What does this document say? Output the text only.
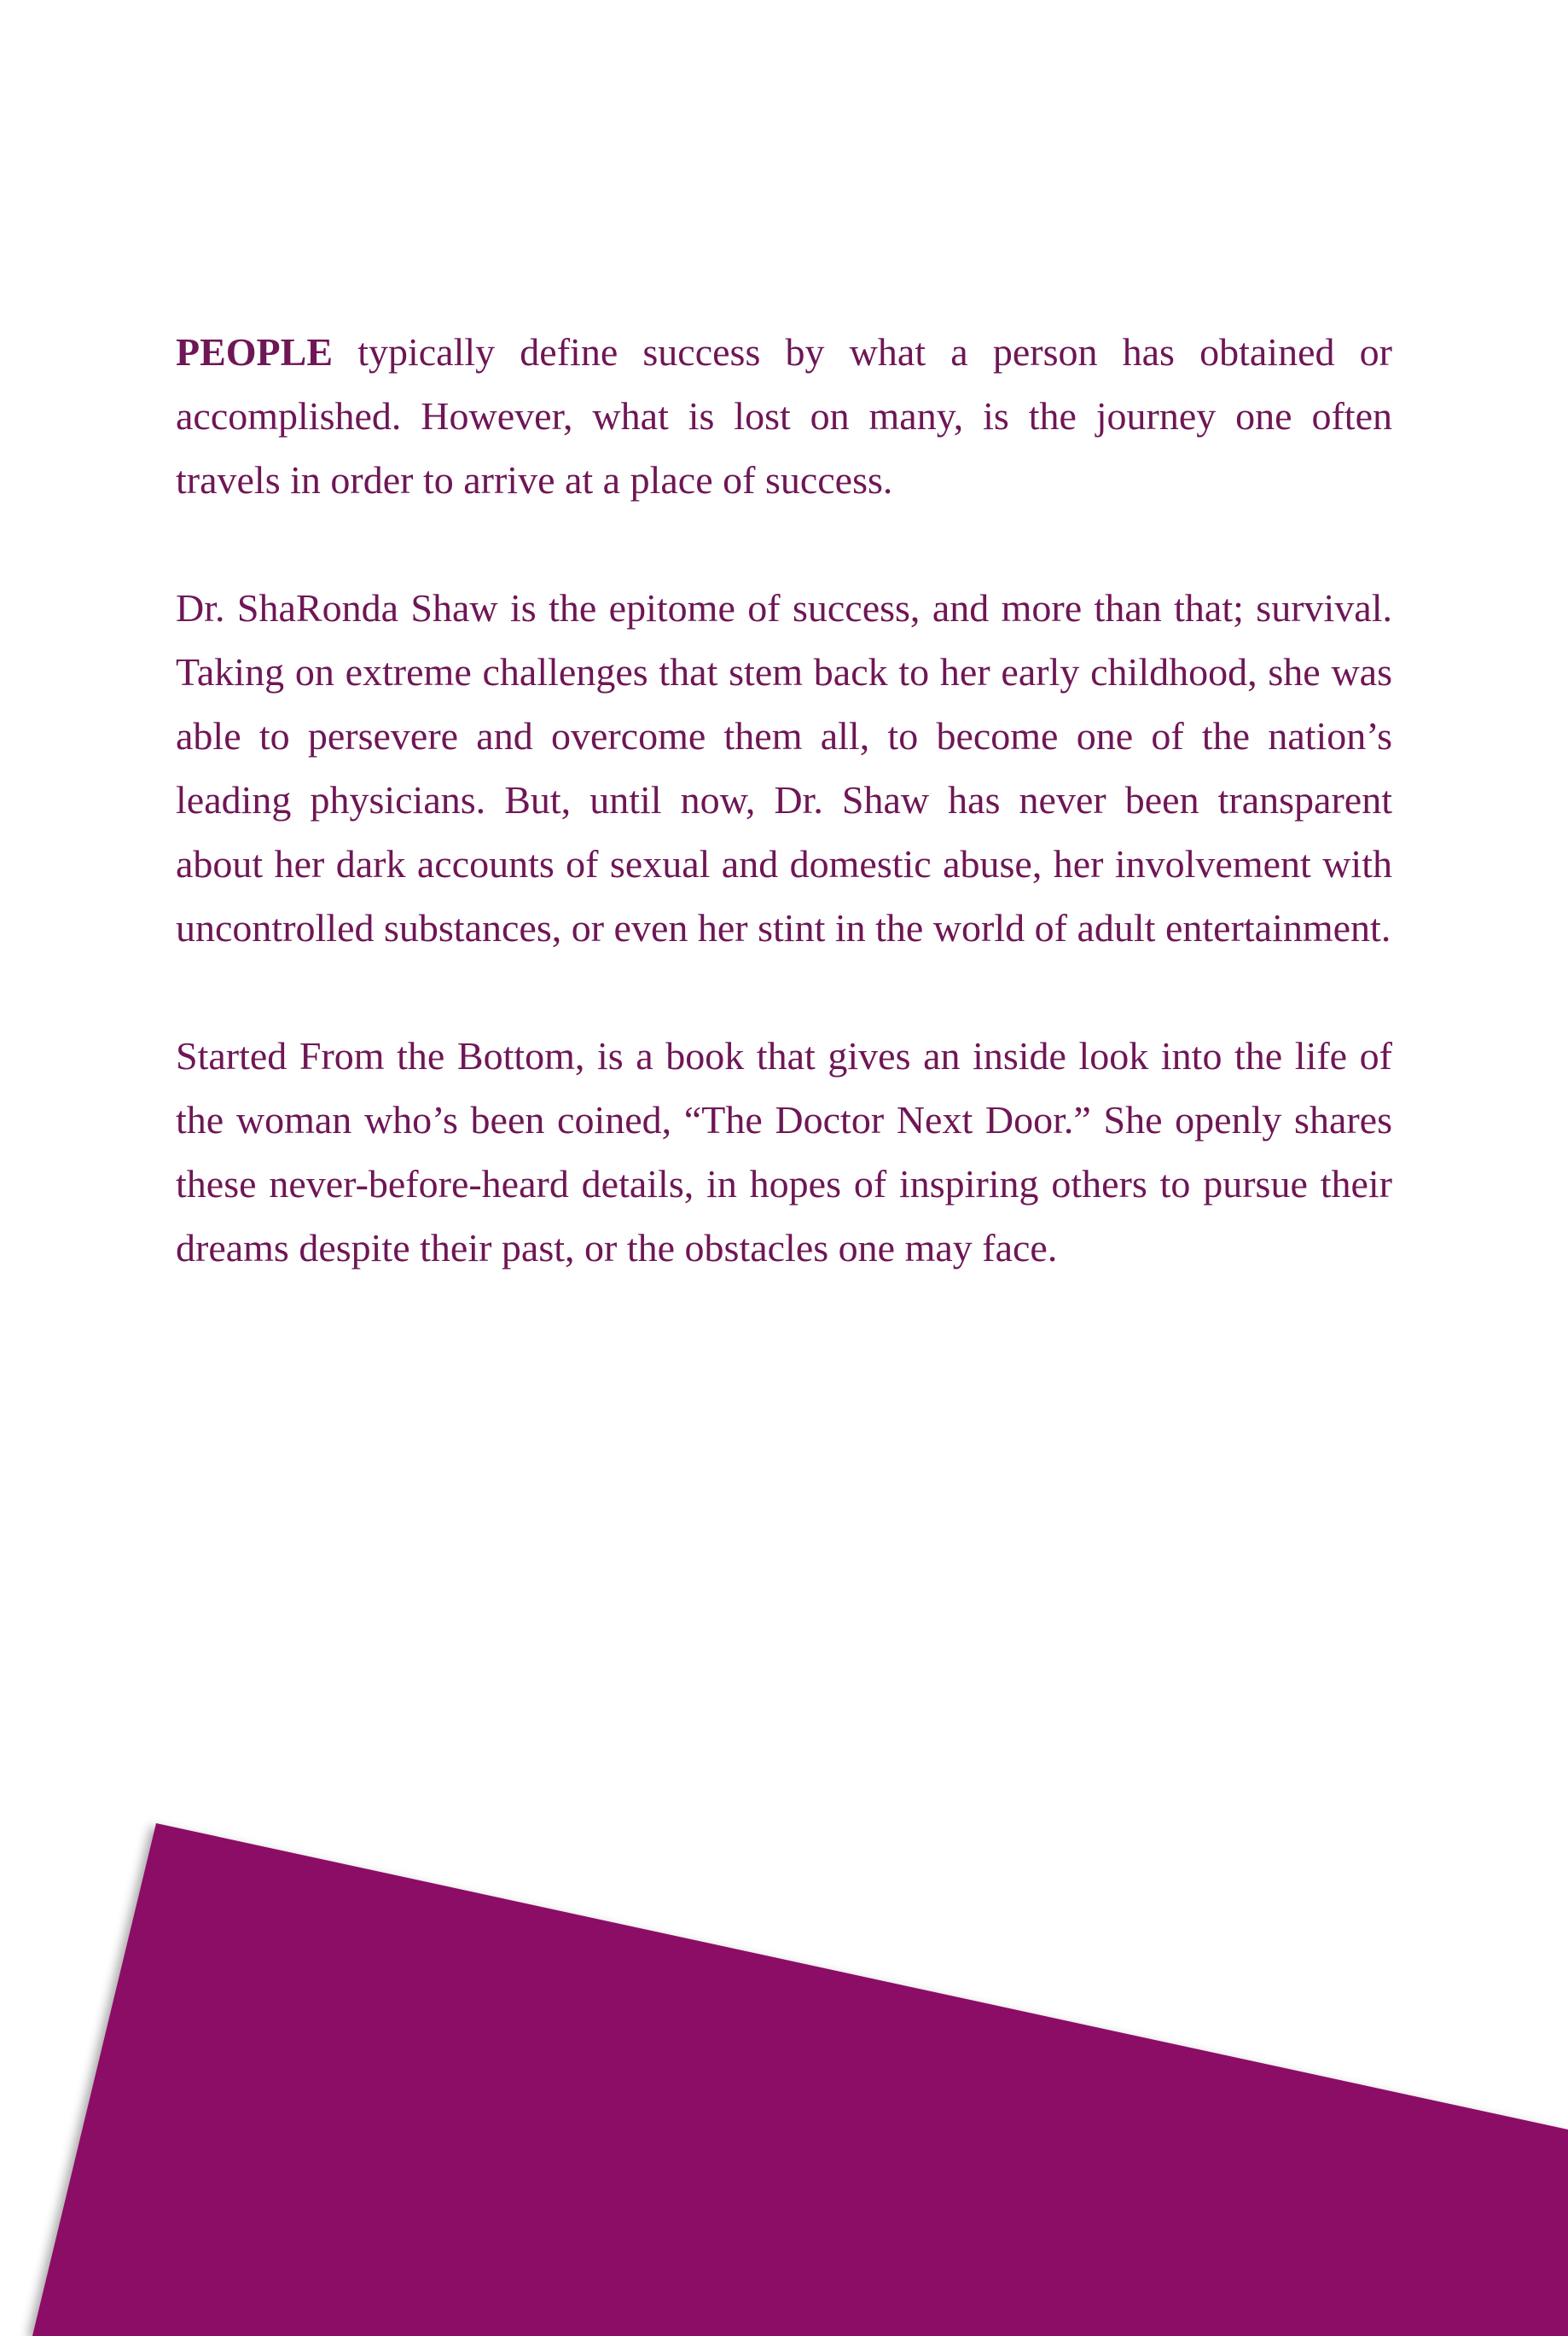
PEOPLE typically define success by what a person has obtained or accomplished. However, what is lost on many, is the journey one often travels in order to arrive at a place of success.

Dr. ShaRonda Shaw is the epitome of success, and more than that; survival. Taking on extreme challenges that stem back to her early childhood, she was able to persevere and overcome them all, to become one of the nation’s leading physicians. But, until now, Dr. Shaw has never been transparent about her dark accounts of sexual and domestic abuse, her involvement with uncontrolled substances, or even her stint in the world of adult entertainment.

Started From the Bottom, is a book that gives an inside look into the life of the woman who’s been coined, “The Doctor Next Door.” She openly shares these never-before-heard details, in hopes of inspiring others to pursue their dreams despite their past, or the obstacles one may face.
